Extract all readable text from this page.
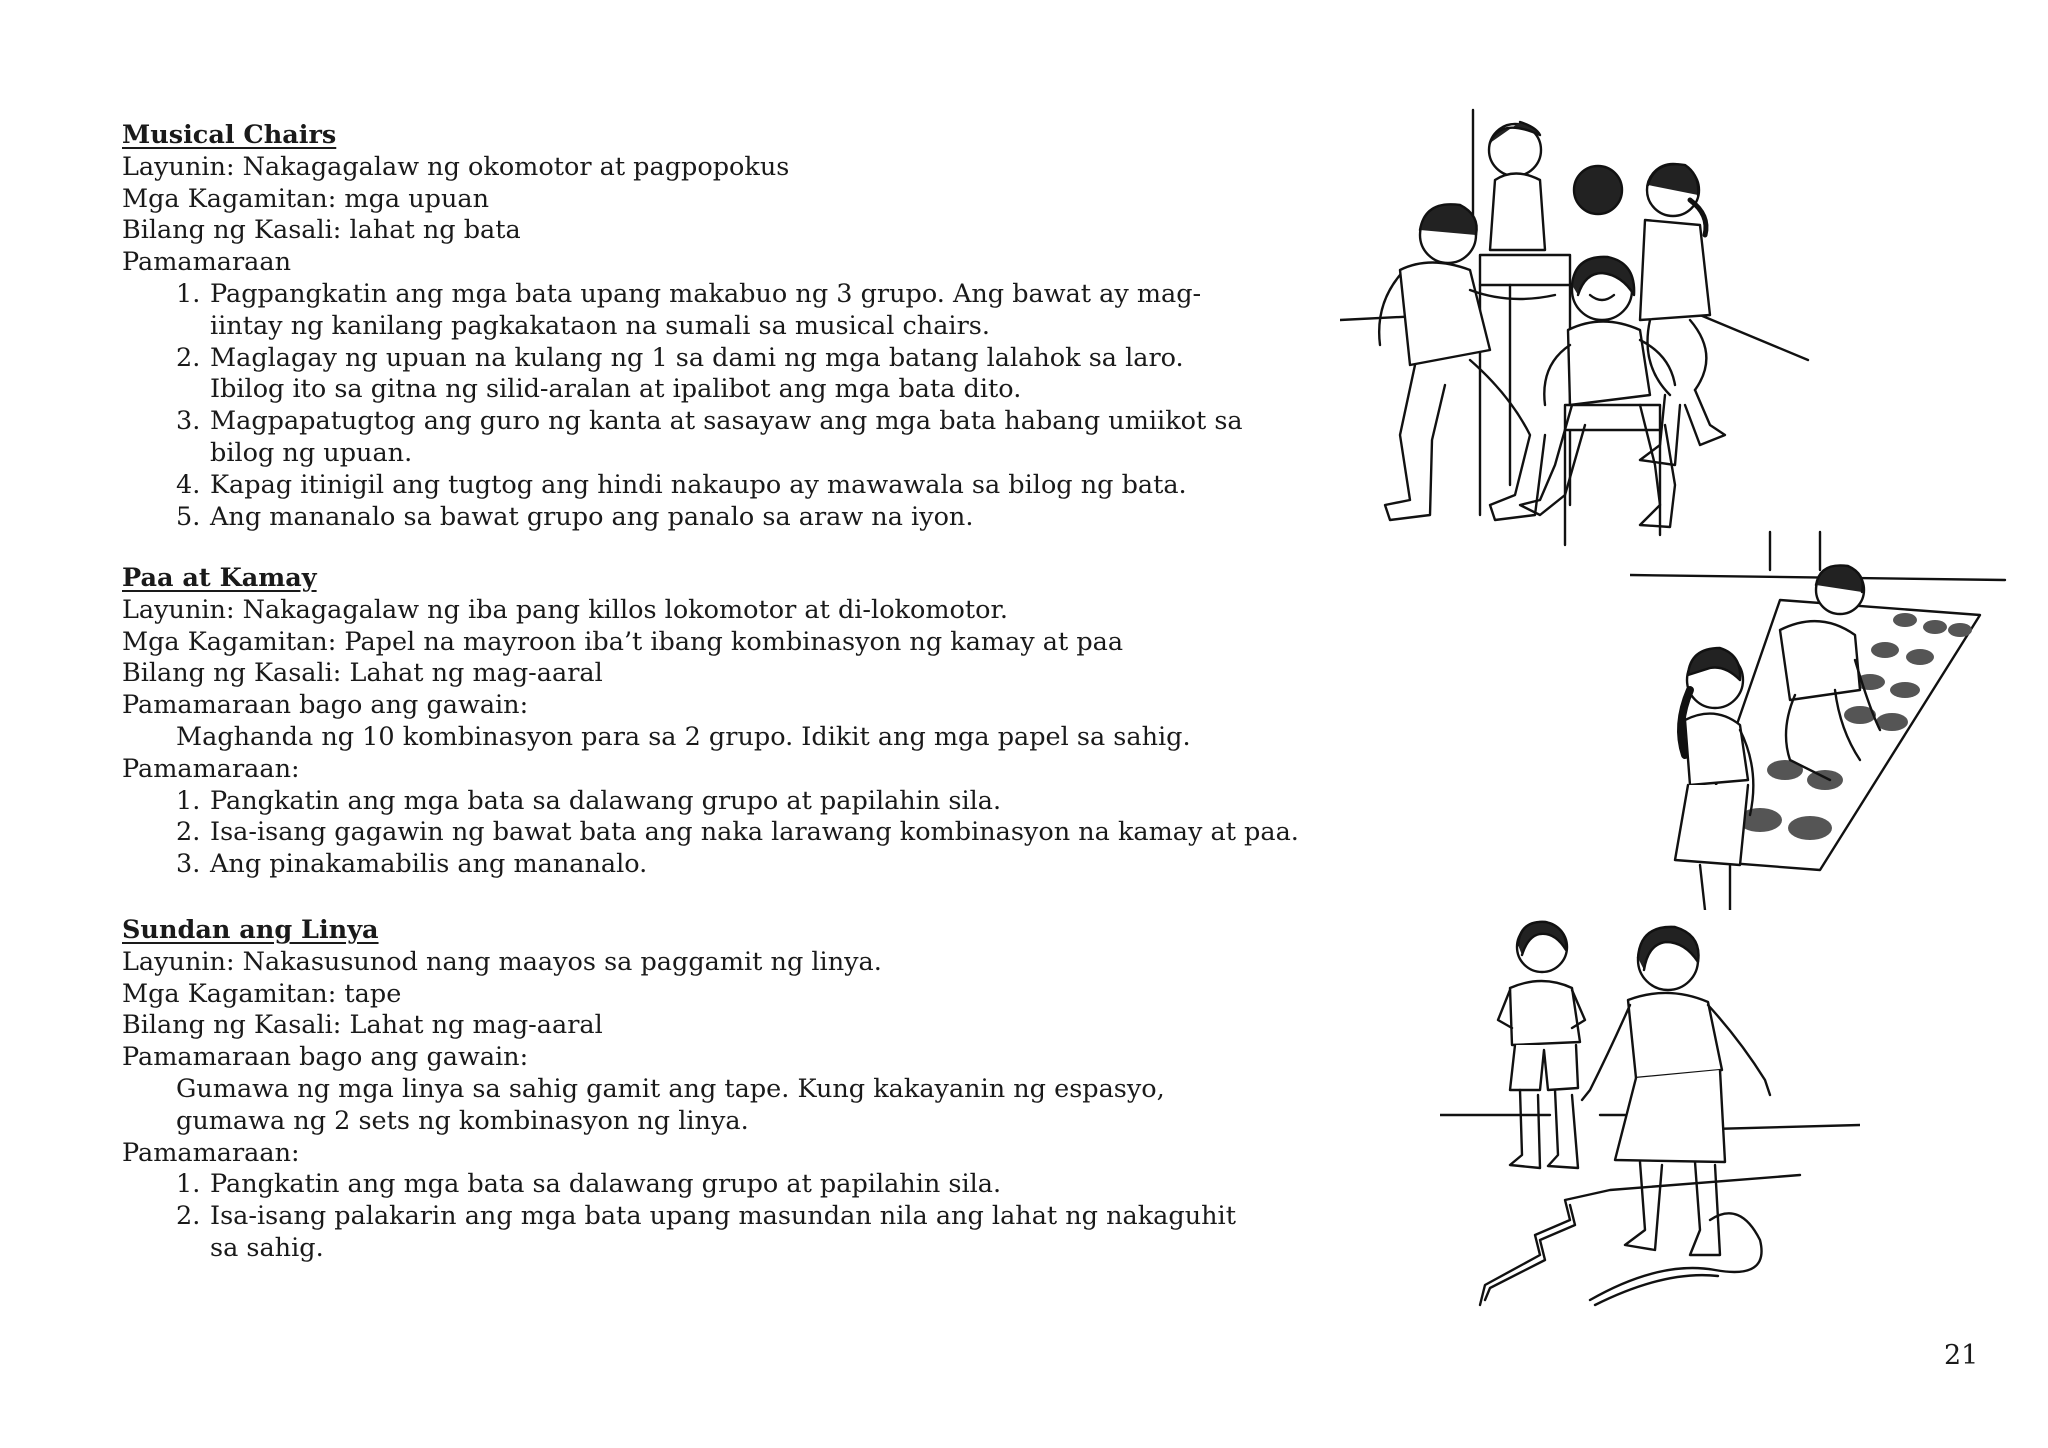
Musical Chairs
Layunin: Nakagagalaw ng okomotor at pagpopokus
Mga Kagamitan: mga upuan
Bilang ng Kasali: lahat ng bata
Pamamaraan
1. Pagpangkatin ang mga bata upang makabuo ng 3 grupo. Ang bawat ay mag-
iintay ng kanilang pagkakataon na sumali sa musical chairs.
2. Maglagay ng upuan na kulang ng 1 sa dami ng mga batang lalahok sa laro.
Ibilog ito sa gitna ng silid-aralan at ipalibot ang mga bata dito.
3. Magpapatugtog ang guro ng kanta at sasayaw ang mga bata habang umiikot sa
bilog ng upuan.
4. Kapag itinigil ang tugtog ang hindi nakaupo ay mawawala sa bilog ng bata.
5. Ang mananalo sa bawat grupo ang panalo sa araw na iyon.
Paa at Kamay
Layunin: Nakagagalaw ng iba pang killos lokomotor at di-lokomotor.
Mga Kagamitan: Papel na mayroon iba’t ibang kombinasyon ng kamay at paa
Bilang ng Kasali: Lahat ng mag-aaral
Pamamaraan bago ang gawain:
Maghanda ng 10 kombinasyon para sa 2 grupo. Idikit ang mga papel sa sahig.
Pamamaraan:
1. Pangkatin ang mga bata sa dalawang grupo at papilahin sila.
2. Isa-isang gagawin ng bawat bata ang naka larawang kombinasyon na kamay at paa.
3. Ang pinakamabilis ang mananalo.
Sundan ang Linya
Layunin: Nakasusunod nang maayos sa paggamit ng linya.
Mga Kagamitan: tape
Bilang ng Kasali: Lahat ng mag-aaral
Pamamaraan bago ang gawain:
Gumawa ng mga linya sa sahig gamit ang tape. Kung kakayanin ng espasyo,
gumawa ng 2 sets ng kombinasyon ng linya.
Pamamaraan:
1. Pangkatin ang mga bata sa dalawang grupo at papilahin sila.
2. Isa-isang palakarin ang mga bata upang masundan nila ang lahat ng nakaguhit
sa sahig.
21
